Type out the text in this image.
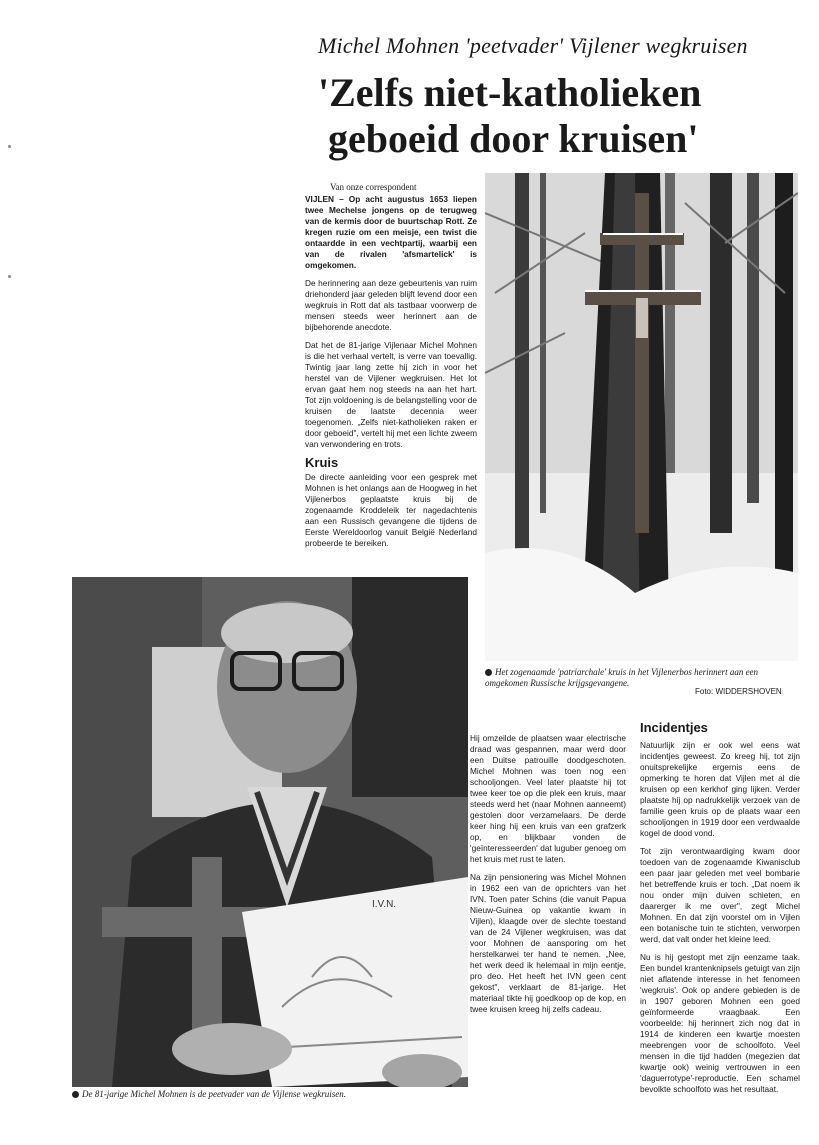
Michel Mohnen 'peetvader' Vijlener wegkruisen
'Zelfs niet-katholieken
geboeid door kruisen'
Van onze correspondent

VIJLEN – Op acht augustus 1653 liepen twee Mechelse jongens op de terugweg van de kermis door de buurtschap Rott. Ze kregen ruzie om een meisje, een twist die ontaardde in een vechtpartij, waarbij een van de rivalen 'afsmartelick' is omgekomen.

De herinnering aan deze gebeurtenis van ruim driehonderd jaar geleden blijft levend door een wegkruis in Rott dat als tastbaar voorwerp de mensen steeds weer herinnert aan de bijbehorende anecdote.

Dat het de 81-jarige Vijlenaar Michel Mohnen is die het verhaal vertelt, is verre van toevallig. Twintig jaar lang zette hij zich in voor het herstel van de Vijlener wegkruisen. Het lot ervan gaat hem nog steeds na aan het hart. Tot zijn voldoening is de belangstelling voor de kruisen de laatste decennia weer toegenomen. „Zelfs niet-katholieken raken er door geboeid", vertelt hij met een lichte zweem van verwondering en trots.

Kruis

De directe aanleiding voor een gesprek met Mohnen is het onlangs aan de Hoogweg in het Vijlenerbos geplaatste kruis bij de zogenaamde Kroddeleik ter nagedachtenis aan een Russisch gevangene die tijdens de Eerste Wereldoorlog vanuit België Nederland probeerde te bereiken.

Het zogenaamde 'patriarchale' kruis in het Vijlenerbos herinnert aan een omgekomen Russische krijgsgevangene.
Foto: WIDDERSHOVEN
I.V.N.
De 81-jarige Michel Mohnen is de peetvader van de Vijlense wegkruisen.

Hij omzeilde de plaatsen waar electrische draad was gespannen, maar werd door een Duitse patrouille doodgeschoten. Michel Mohnen was toen nog een schooljongen. Veel later plaatste hij tot twee keer toe op die plek een kruis, maar steeds werd het (naar Mohnen aanneemt) gestolen door verzamelaars. De derde keer hing hij een kruis van een grafzerk op, en blijkbaar vonden de 'geïnteresseerden' dat luguber genoeg om het kruis met rust te laten.

Na zijn pensionering was Michel Mohnen in 1962 een van de oprichters van het IVN. Toen pater Schins (die vanuit Papua Nieuw-Guinea op vakantie kwam in Vijlen), klaagde over de slechte toestand van de 24 Vijlener wegkruisen, was dat voor Mohnen de aansporing om het herstelkarwei ter hand te nemen. „Nee, het werk deed ik helemaal in mijn eentje, pro deo. Het heeft het IVN geen cent gekost", verklaart de 81-jarige. Het materiaal tikte hij goedkoop op de kop, en twee kruisen kreeg hij zelfs cadeau.

Incidentjes

Natuurlijk zijn er ook wel eens wat incidentjes geweest. Zo kreeg hij, tot zijn onuitsprekelijke ergernis eens de opmerking te horen dat Vijlen met al die kruisen op een kerkhof ging lijken. Verder plaatste hij op nadrukkelijk verzoek van de familie geen kruis op de plaats waar een schooljongen in 1919 door een verdwaalde kogel de dood vond.

Tot zijn verontwaardiging kwam door toedoen van de zogenaamde Kiwanisclub een paar jaar geleden met veel bombarie het betreffende kruis er toch. „Dat noem ik nou onder mijn duiven schieten, en daarerger ik me over", zegt Michel Mohnen. En dat zijn voorstel om in Vijlen een botanische tuin te stichten, verworpen werd, dat valt onder het kleine leed.

Nu is hij gestopt met zijn eenzame taak. Een bundel krantenknipsels getuigt van zijn niet aflatende interesse in het fenomeen 'wegkruis'. Ook op andere gebieden is de in 1907 geboren Mohnen een goed geïnformeerde vraagbaak. Een voorbeelde: hij herinnert zich nog dat in 1914 de kinderen een kwartje moesten meebrengen voor de schoolfoto. Veel mensen in die tijd hadden (megezien dat kwartje ook) weinig vertrouwen in een 'daguerrotype'-reproductie. Een schamel bevolkte schoolfoto was het resultaat.
